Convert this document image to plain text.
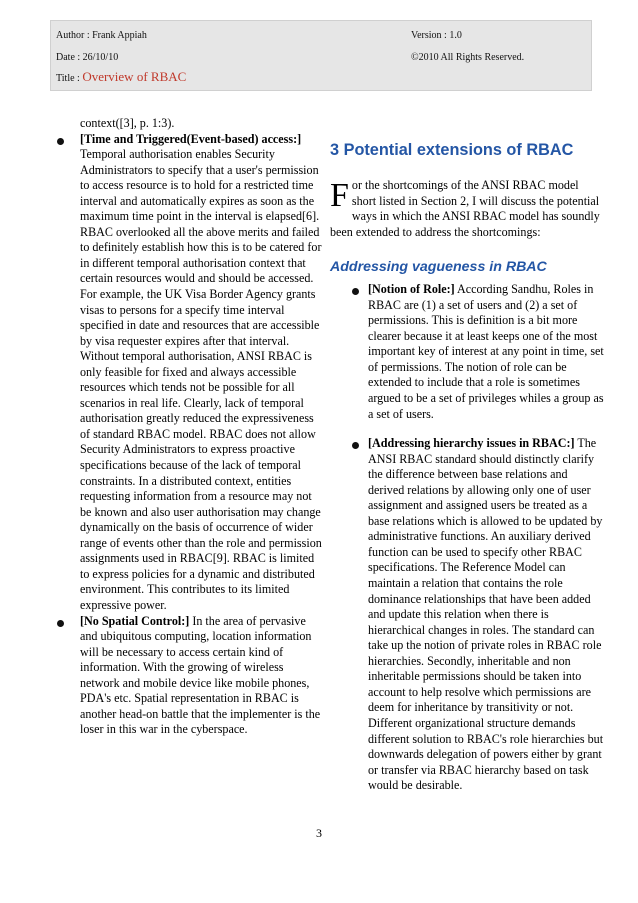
Author : Frank Appiah	Version : 1.0
Date : 26/10/10	©2010 All Rights Reserved.
Title : Overview of RBAC

context([3], p. 1:3).

[Time and Triggered(Event-based) access:] Temporal authorisation enables Security Administrators to specify that a user's permission to access resource is to hold for a restricted time interval and automatically expires as soon as the maximum time point in the interval is elapsed[6]. RBAC overlooked all the above merits and failed to definitely establish how this is to be catered for in different temporal authorisation context that certain resources would and should be accessed. For example, the UK Visa Border Agency grants visas to persons for a specify time interval specified in date and resources that are accessible by visa requester expires after that interval. Without temporal authorisation, ANSI RBAC is only feasible for fixed and always accessible resources which tends not be possible for all scenarios in real life. Clearly, lack of temporal authorisation greatly reduced the expressiveness of standard RBAC model. RBAC does not allow Security Administrators to express proactive specifications because of the lack of temporal constraints. In a distributed context, entities requesting information from a resource may not be known and also user authorisation may change dynamically on the basis of occurrence of wider range of events other than the role and permission assignments used in RBAC[9]. RBAC is limited to express policies for a dynamic and distributed environment. This contributes to its limited expressive power.
[No Spatial Control:] In the area of pervasive and ubiquitous computing, location information will be necessary to access certain kind of information. With the growing of wireless network and mobile device like mobile phones, PDA's etc. Spatial representation in RBAC is another head-on battle that the implementer is the loser in this war in the cyberspace.
3 Potential extensions of RBAC

For the shortcomings of the ANSI RBAC model short listed in Section 2, I will discuss the potential ways in which the ANSI RBAC model has soundly been extended to address the shortcomings:

Addressing vagueness in RBAC
[Notion of Role:] According Sandhu, Roles in RBAC are (1) a set of users and (2) a set of permissions. This is definition is a bit more clearer because it at least keeps one of the most important key of interest at any point in time, set of permissions. The notion of role can be extended to include that a role is sometimes argued to be a set of privileges whiles a group as a set of users.
[Addressing hierarchy issues in RBAC:] The ANSI RBAC standard should distinctly clarify the difference between base relations and derived relations by allowing only one of user assignment and assigned users be treated as a base relations which is allowed to be updated by administrative functions. An auxiliary derived function can be used to specify other RBAC specifications. The Reference Model can maintain a relation that contains the role dominance relationships that have been added and update this relation when there is hierarchical changes in roles. The standard can take up the notion of private roles in RBAC role hierarchies. Secondly, inheritable and non inheritable permissions should be taken into account to help resolve which permissions are deem for inheritance by transitivity or not. Different organizational structure demands different solution to RBAC's role hierarchies but downwards delegation of powers either by grant or transfer via RBAC hierarchy based on task would be desirable.
3
